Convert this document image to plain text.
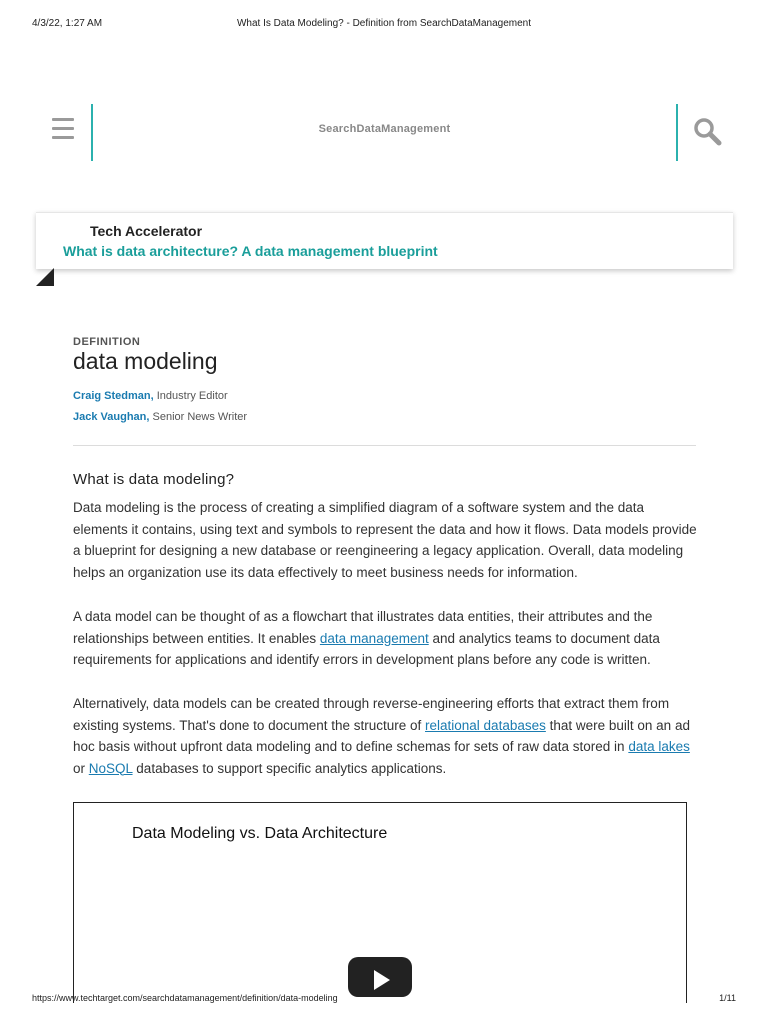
4/3/22, 1:27 AM	What Is Data Modeling? - Definition from SearchDataManagement
SearchDataManagement
Tech Accelerator
What is data architecture? A data management blueprint
DEFINITION
data modeling
Craig Stedman, Industry Editor
Jack Vaughan, Senior News Writer
What is data modeling?

Data modeling is the process of creating a simplified diagram of a software system and the data elements it contains, using text and symbols to represent the data and how it flows. Data models provide a blueprint for designing a new database or reengineering a legacy application. Overall, data modeling helps an organization use its data effectively to meet business needs for information.

A data model can be thought of as a flowchart that illustrates data entities, their attributes and the relationships between entities. It enables data management and analytics teams to document data requirements for applications and identify errors in development plans before any code is written.

Alternatively, data models can be created through reverse-engineering efforts that extract them from existing systems. That's done to document the structure of relational databases that were built on an ad hoc basis without upfront data modeling and to define schemas for sets of raw data stored in data lakes or NoSQL databases to support specific analytics applications.

Data Modeling vs. Data Architecture
https://www.techtarget.com/searchdatamanagement/definition/data-modeling	1/11
